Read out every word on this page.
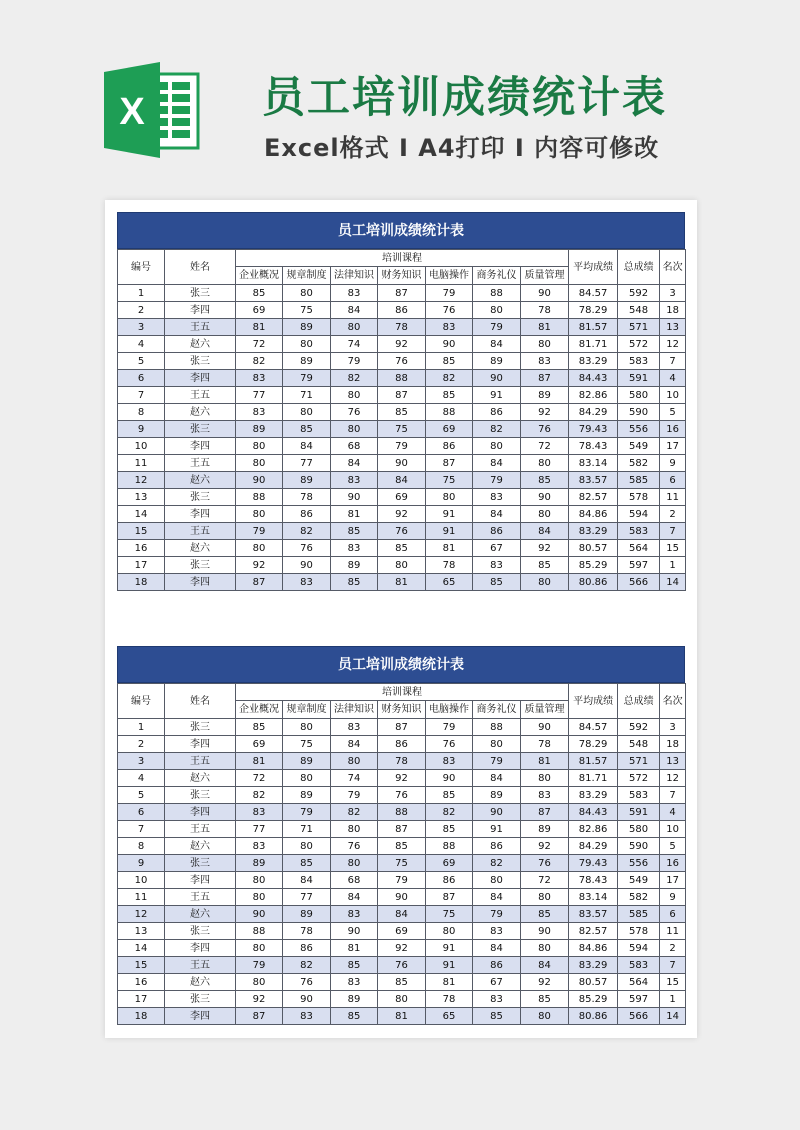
X	员工培训成绩统计表
Excel格式 I A4打印 I 内容可修改
员工培训成绩统计表
编号	姓名	培训课程							平均成绩	总成绩	名次
		企业概况	规章制度	法律知识	财务知识	电脑操作	商务礼仪	质量管理			
1	张三	85	80	83	87	79	88	90	84.57	592	3
2	李四	69	75	84	86	76	80	78	78.29	548	18
3	王五	81	89	80	78	83	79	81	81.57	571	13
4	赵六	72	80	74	92	90	84	80	81.71	572	12
5	张三	82	89	79	76	85	89	83	83.29	583	7
6	李四	83	79	82	88	82	90	87	84.43	591	4
7	王五	77	71	80	87	85	91	89	82.86	580	10
8	赵六	83	80	76	85	88	86	92	84.29	590	5
9	张三	89	85	80	75	69	82	76	79.43	556	16
10	李四	80	84	68	79	86	80	72	78.43	549	17
11	王五	80	77	84	90	87	84	80	83.14	582	9
12	赵六	90	89	83	84	75	79	85	83.57	585	6
13	张三	88	78	90	69	80	83	90	82.57	578	11
14	李四	80	86	81	92	91	84	80	84.86	594	2
15	王五	79	82	85	76	91	86	84	83.29	583	7
16	赵六	80	76	83	85	81	67	92	80.57	564	15
17	张三	92	90	89	80	78	83	85	85.29	597	1
18	李四	87	83	85	81	65	85	80	80.86	566	14
员工培训成绩统计表
编号	姓名	培训课程							平均成绩	总成绩	名次
		企业概况	规章制度	法律知识	财务知识	电脑操作	商务礼仪	质量管理			
1	张三	85	80	83	87	79	88	90	84.57	592	3
2	李四	69	75	84	86	76	80	78	78.29	548	18
3	王五	81	89	80	78	83	79	81	81.57	571	13
4	赵六	72	80	74	92	90	84	80	81.71	572	12
5	张三	82	89	79	76	85	89	83	83.29	583	7
6	李四	83	79	82	88	82	90	87	84.43	591	4
7	王五	77	71	80	87	85	91	89	82.86	580	10
8	赵六	83	80	76	85	88	86	92	84.29	590	5
9	张三	89	85	80	75	69	82	76	79.43	556	16
10	李四	80	84	68	79	86	80	72	78.43	549	17
11	王五	80	77	84	90	87	84	80	83.14	582	9
12	赵六	90	89	83	84	75	79	85	83.57	585	6
13	张三	88	78	90	69	80	83	90	82.57	578	11
14	李四	80	86	81	92	91	84	80	84.86	594	2
15	王五	79	82	85	76	91	86	84	83.29	583	7
16	赵六	80	76	83	85	81	67	92	80.57	564	15
17	张三	92	90	89	80	78	83	85	85.29	597	1
18	李四	87	83	85	81	65	85	80	80.86	566	14
